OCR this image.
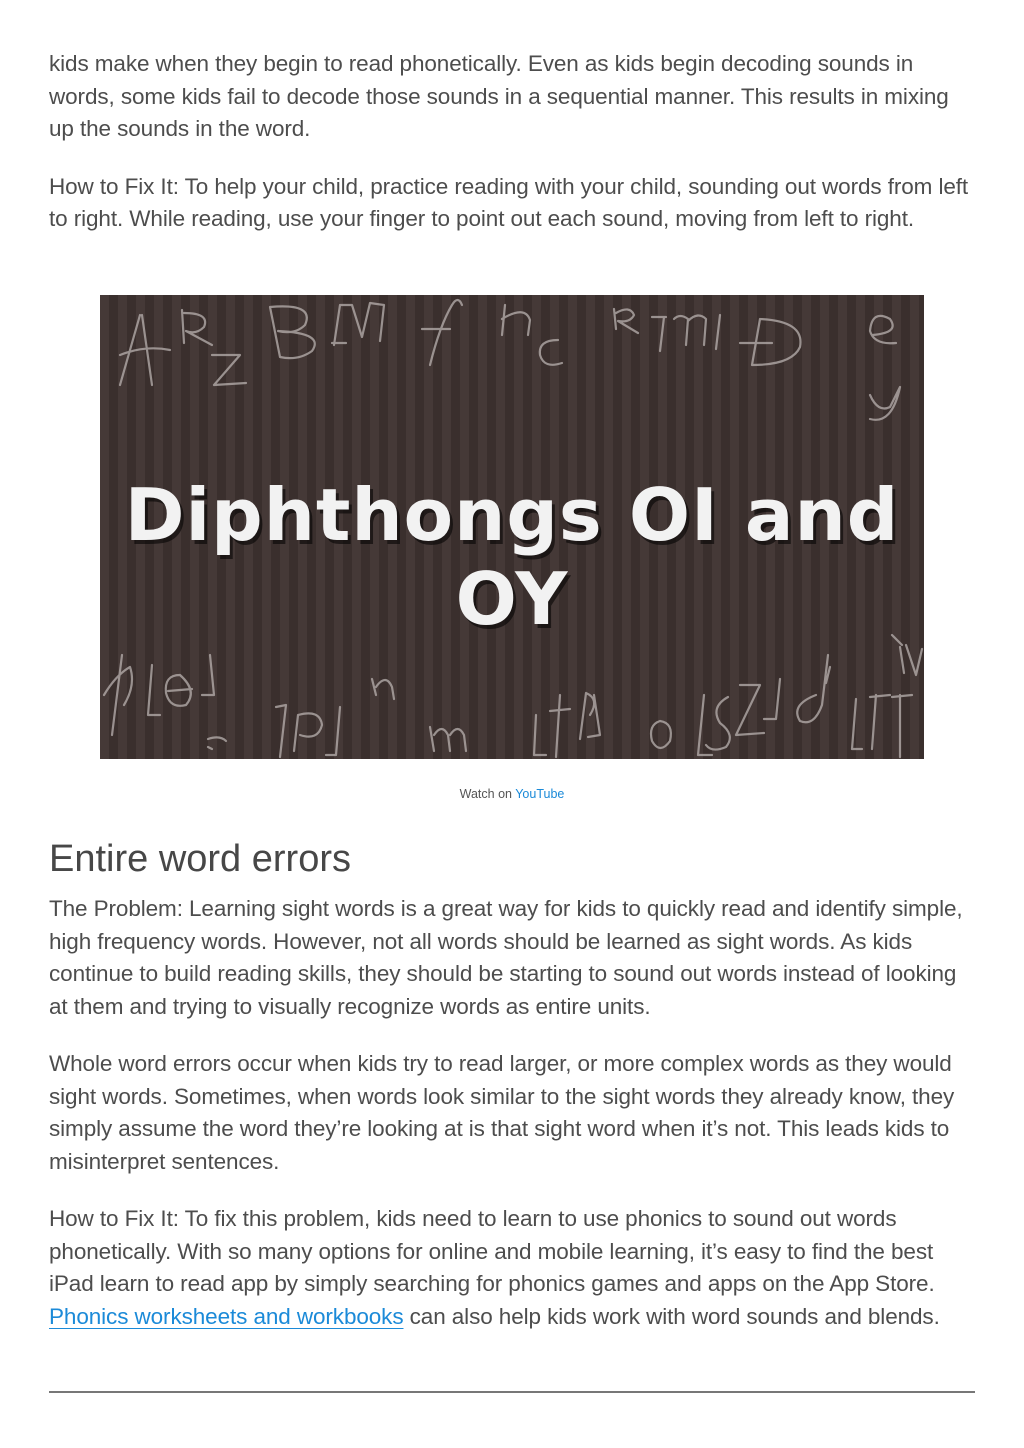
kids make when they begin to read phonetically. Even as kids begin decoding sounds in words, some kids fail to decode those sounds in a sequential manner. This results in mixing up the sounds in the word.

How to Fix It: To help your child, practice reading with your child, sounding out words from left to right. While reading, use your finger to point out each sound, moving from left to right.

Diphthongs OI and OY
Watch on YouTube
Entire word errors

The Problem: Learning sight words is a great way for kids to quickly read and identify simple, high frequency words. However, not all words should be learned as sight words. As kids continue to build reading skills, they should be starting to sound out words instead of looking at them and trying to visually recognize words as entire units.

Whole word errors occur when kids try to read larger, or more complex words as they would sight words. Sometimes, when words look similar to the sight words they already know, they simply assume the word they’re looking at is that sight word when it’s not. This leads kids to misinterpret sentences.

How to Fix It: To fix this problem, kids need to learn to use phonics to sound out words phonetically. With so many options for online and mobile learning, it’s easy to find the best iPad learn to read app by simply searching for phonics games and apps on the App Store. Phonics worksheets and workbooks can also help kids work with word sounds and blends.
